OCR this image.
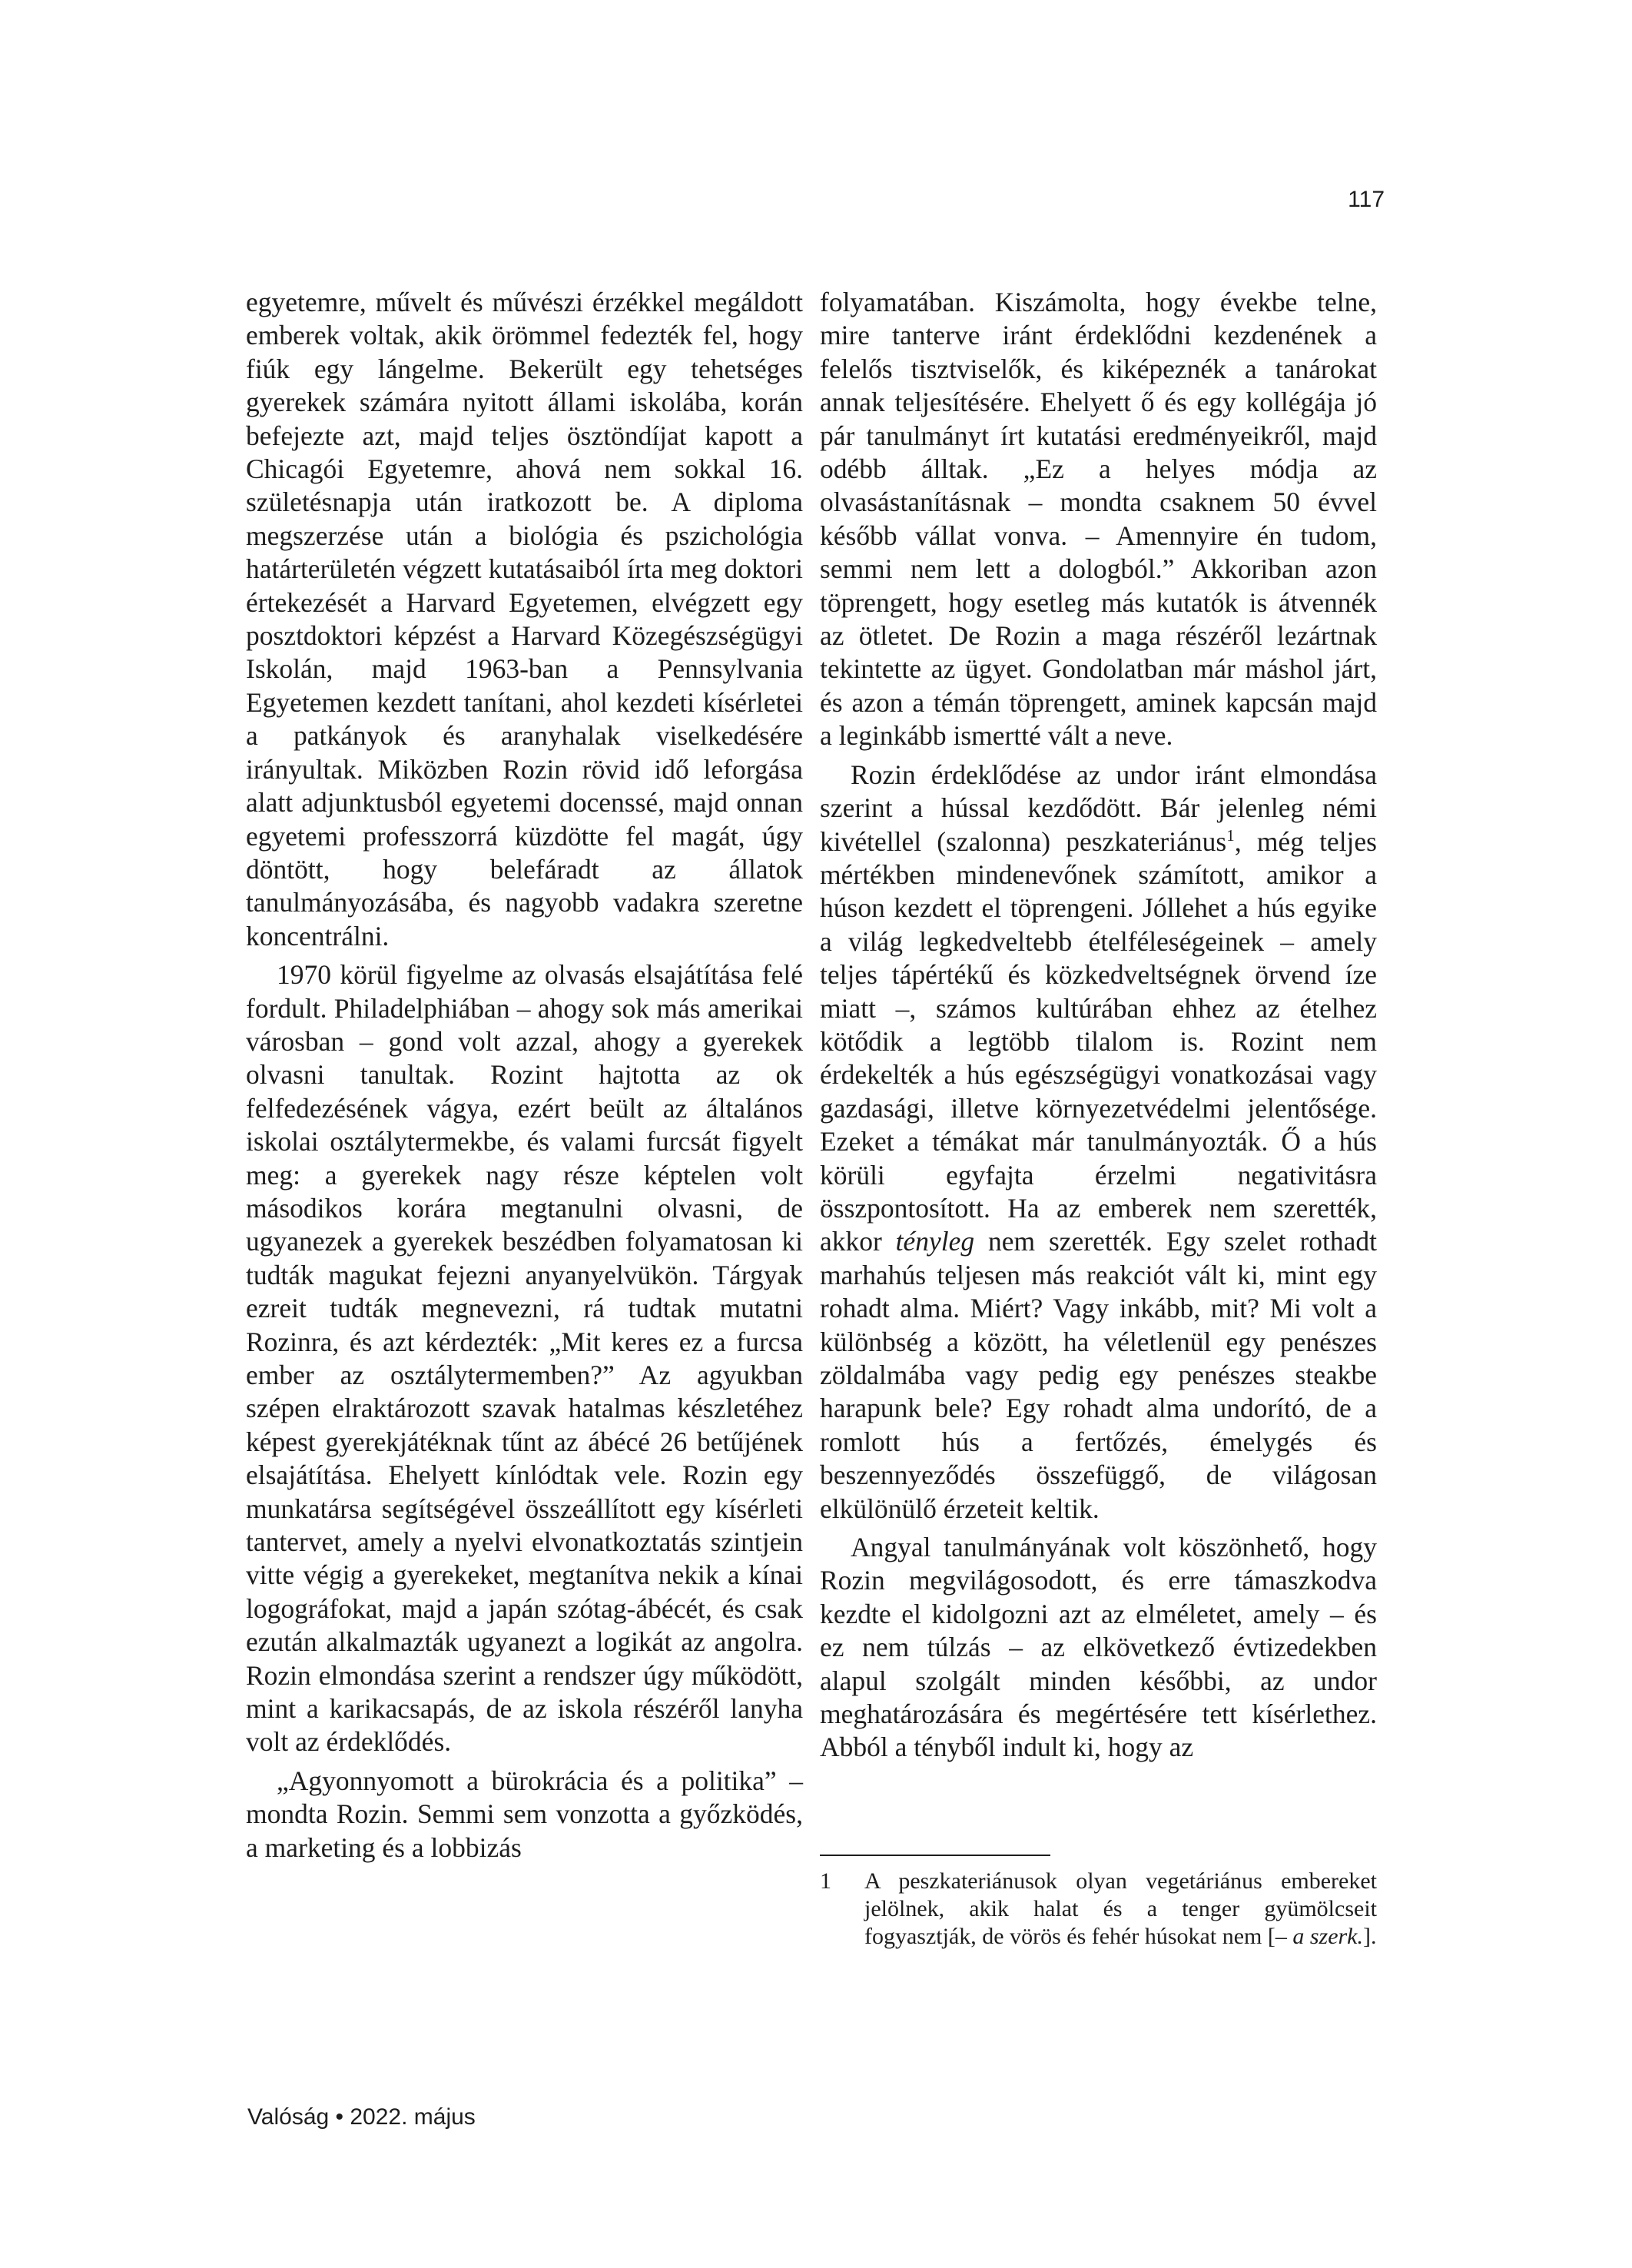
117

egyetemre, művelt és művészi érzékkel megáldott emberek voltak, akik örömmel fedezték fel, hogy fiúk egy lángelme. Bekerült egy tehetséges gyerekek számára nyitott állami iskolába, korán befejezte azt, majd teljes ösztöndíjat kapott a Chicagói Egyetemre, ahová nem sokkal 16. születésnapja után iratkozott be. A diploma megszerzése után a biológia és pszichológia határterületén végzett kutatásaiból írta meg doktori értekezését a Harvard Egyetemen, elvégzett egy posztdoktori képzést a Harvard Közegészségügyi Iskolán, majd 1963-ban a Pennsylvania Egyetemen kezdett tanítani, ahol kezdeti kísérletei a patkányok és aranyhalak viselkedésére irányultak. Miközben Rozin rövid idő leforgása alatt adjunktusból egyetemi docenssé, majd onnan egyetemi professzorrá küzdötte fel magát, úgy döntött, hogy belefáradt az állatok tanulmányozásába, és nagyobb vadakra szeretne koncentrálni.

1970 körül figyelme az olvasás elsajátítása felé fordult. Philadelphiában – ahogy sok más amerikai városban – gond volt azzal, ahogy a gyerekek olvasni tanultak. Rozint hajtotta az ok felfedezésének vágya, ezért beült az általános iskolai osztálytermekbe, és valami furcsát figyelt meg: a gyerekek nagy része képtelen volt másodikos korára megtanulni olvasni, de ugyanezek a gyerekek beszédben folyamatosan ki tudták magukat fejezni anyanyelvükön. Tárgyak ezreit tudták megnevezni, rá tudtak mutatni Rozinra, és azt kérdezték: „Mit keres ez a furcsa ember az osztálytermemben?” Az agyukban szépen elraktározott szavak hatalmas készletéhez képest gyerekjátéknak tűnt az ábécé 26 betűjének elsajátítása. Ehelyett kínlódtak vele. Rozin egy munkatársa segítségével összeállított egy kísérleti tantervet, amely a nyelvi elvonatkoztatás szintjein vitte végig a gyerekeket, megtanítva nekik a kínai logográfokat, majd a japán szótag-ábécét, és csak ezután alkalmazták ugyanezt a logikát az angolra. Rozin elmondása szerint a rendszer úgy működött, mint a karikacsapás, de az iskola részéről lanyha volt az érdeklődés.

„Agyonnyomott a bürokrácia és a politika” – mondta Rozin. Semmi sem vonzotta a győzködés, a marketing és a lobbizás

folyamatában. Kiszámolta, hogy évekbe telne, mire tanterve iránt érdeklődni kezdenének a felelős tisztviselők, és kiképeznék a tanárokat annak teljesítésére. Ehelyett ő és egy kollégája jó pár tanulmányt írt kutatási eredményeikről, majd odébb álltak. „Ez a helyes módja az olvasástanításnak – mondta csaknem 50 évvel később vállat vonva. – Amennyire én tudom, semmi nem lett a dologból.” Akkoriban azon töprengett, hogy esetleg más kutatók is átvennék az ötletet. De Rozin a maga részéről lezártnak tekintette az ügyet. Gondolatban már máshol járt, és azon a témán töprengett, aminek kapcsán majd a leginkább ismertté vált a neve.

Rozin érdeklődése az undor iránt elmondása szerint a hússal kezdődött. Bár jelenleg némi kivétellel (szalonna) peszkateriánus$^1$, még teljes mértékben mindenevőnek számított, amikor a húson kezdett el töprengeni. Jóllehet a hús egyike a világ legkedveltebb ételféleségeinek – amely teljes tápértékű és közkedveltségnek örvend íze miatt –, számos kultúrában ehhez az ételhez kötődik a legtöbb tilalom is. Rozint nem érdekelték a hús egészségügyi vonatkozásai vagy gazdasági, illetve környezetvédelmi jelentősége. Ezeket a témákat már tanulmányozták. Ő a hús körüli egyfajta érzelmi negativitásra összpontosított. Ha az emberek nem szerették, akkor tényleg nem szerették. Egy szelet rothadt marhahús teljesen más reakciót vált ki, mint egy rohadt alma. Miért? Vagy inkább, mit? Mi volt a különbség a között, ha véletlenül egy penészes zöldalmába vagy pedig egy penészes steakbe harapunk bele? Egy rohadt alma undorító, de a romlott hús a fertőzés, émelygés és beszennyeződés összefüggő, de világosan elkülönülő érzeteit keltik.

Angyal tanulmányának volt köszönhető, hogy Rozin megvilágosodott, és erre támaszkodva kezdte el kidolgozni azt az elméletet, amely – és ez nem túlzás – az elkövetkező évtizedekben alapul szolgált minden későbbi, az undor meghatározására és megértésére tett kísérlethez. Abból a tényből indult ki, hogy az

1	A peszkateriánusok olyan vegetáriánus embereket jelölnek, akik halat és a tenger gyümölcseit fogyasztják, de vörös és fehér húsokat nem [– a szerk.].
Valóság • 2022. május
